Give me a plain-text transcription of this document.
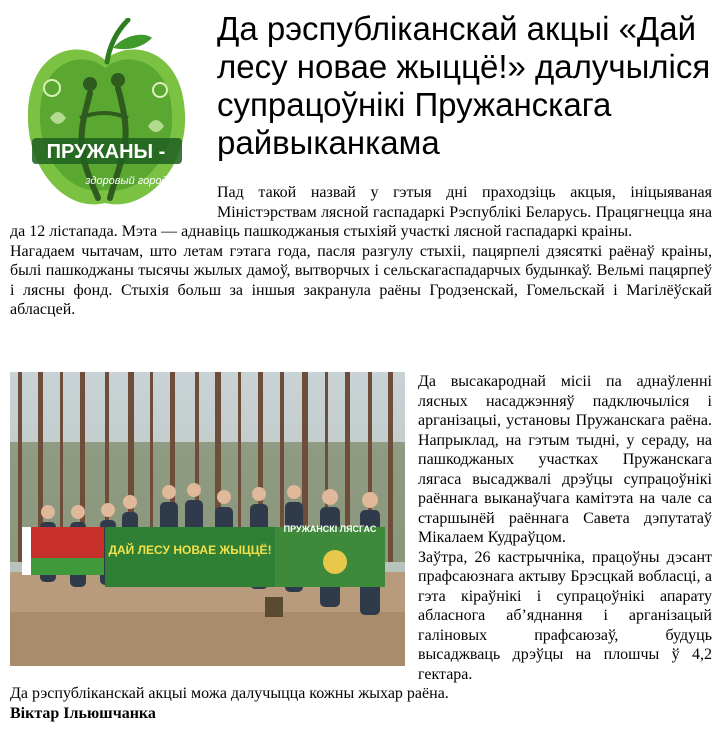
ПРУЖАНЫ -
здоровый город!
Да рэспубліканскай акцыі «Дай лесу новае жыццё!» далучыліся супрацоўнікі Пружанскага райвыканкама

Пад такой назвай у гэтыя дні праходзіць акцыя, ініцыяваная Міністэрствам лясной гаспадаркі Рэспублікі Беларусь. Працягнецца яна да 12 лістапада. Мэта — аднавіць пашкоджаныя стыхіяй участкі лясной гаспадаркі краіны.

Нагадаем чытачам, што летам гэтага года, пасля разгулу стыхіі, пацярпелі дзясяткі раёнаў краіны, былі пашкоджаны тысячы жылых дамоў, вытворчых і сельскагаспадарчых будынкаў. Вельмі пацярпеў і лясны фонд. Стыхія больш за іншыя закранула раёны Гродзенскай, Гомельскай і Магілёўскай абласцей.

ДАЙ ЛЕСУ НОВАЕ ЖЫЦЦЁ!
ПРУЖАНСКІ ЛЯСГАС

Да высакароднай місіі па аднаўленні лясных насаджэнняў падключыліся і арганізацыі, установы Пружанскага раёна. Напрыклад, на гэтым тыдні, у сераду, на пашкоджаных участках Пружанскага лягаса высаджвалі дрэўцы супрацоўнікі раённага выканаўчага камітэта на чале са старшынёй раённага Савета дэпутатаў Мікалаем Кудраўцом.

Заўтра, 26 кастрычніка, працоўны дэсант прафсаюзнага актыву Брэсцкай вобласці, а гэта кіраўнікі і супрацоўнікі апарату абласнога аб’яднання і арганізацый галіновых прафсаюзаў, будуць высаджваць дрэўцы на плошчы ў 4,2 гектара.

Да рэспубліканскай акцыі можа далучыцца кожны жыхар раёна.

Віктар Ільюшчанка
